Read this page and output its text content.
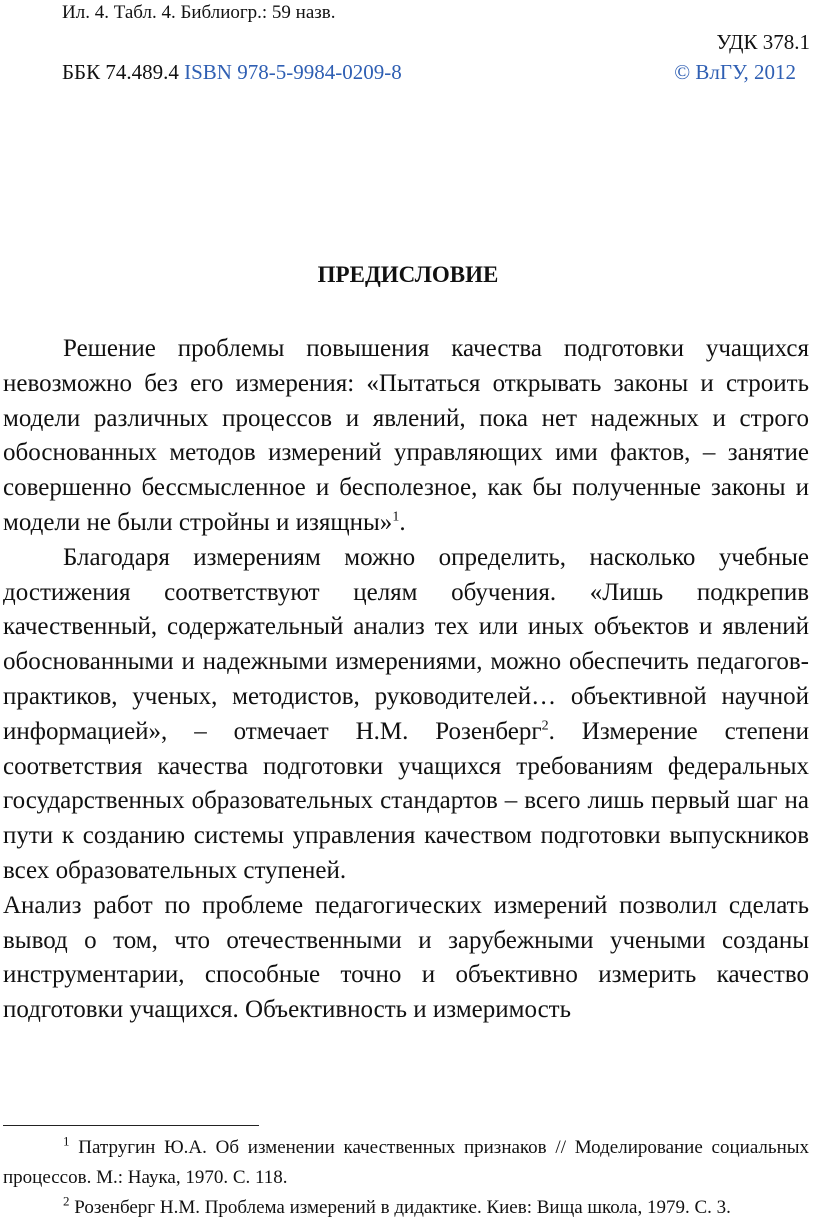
Ил. 4. Табл. 4. Библиогр.: 59 назв.
УДК 378.1
ББК 74.489.4 ISBN 978-5-9984-0209-8	© ВлГУ, 2012
ПРЕДИСЛОВИЕ

Решение проблемы повышения качества подготовки учащихся невозможно без его измерения: «Пытаться открывать законы и строить модели различных процессов и явлений, пока нет надежных и строго обоснованных методов измерений управляющих ими фактов, – занятие совершенно бессмысленное и бесполезное, как бы полученные законы и модели не были стройны и изящны»$^1$.

Благодаря измерениям можно определить, насколько учебные достижения соответствуют целям обучения. «Лишь подкрепив качественный, содержательный анализ тех или иных объектов и явлений обоснованными и надежными измерениями, можно обеспечить педагогов-практиков, ученых, методистов, руководителей… объективной научной информацией», – отмечает Н.М. Розенберг$^2$. Измерение степени соответствия качества подготовки учащихся требованиям федеральных государственных образовательных стандартов – всего лишь первый шаг на пути к созданию системы управления качеством подготовки выпускников всех образовательных ступеней.

Анализ работ по проблеме педагогических измерений позволил сделать вывод о том, что отечественными и зарубежными учеными созданы инструментарии, способные точно и объективно измерить качество подготовки учащихся. Объективность и измеримость

$^1$ Патругин Ю.А. Об изменении качественных признаков // Моделирование социальных процессов. М.: Наука, 1970. С. 118.

$^2$ Розенберг Н.М. Проблема измерений в дидактике. Киев: Вища школа, 1979. С. 3.
